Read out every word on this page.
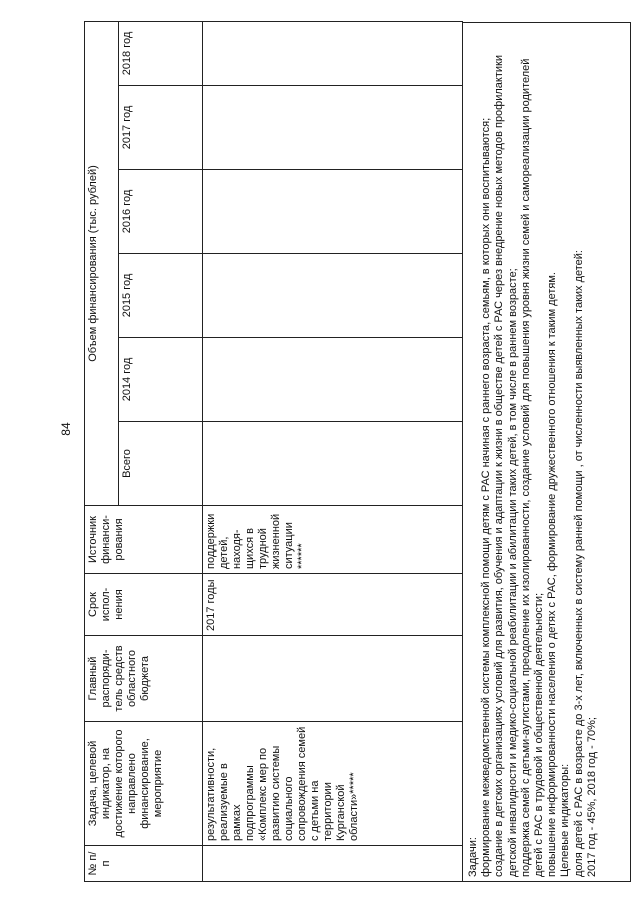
84
№ п/п	Задача, целевой индикатор, на достижение которого направлено финансирование, мероприятие	Главный распоряди-тель средств областного бюджета	Срок испол-нения	Источник финанси-рования	Объем финансирования (тыс. рублей)					
					Всего	2014 год	2015 год	2016 год	2017 год	2018 год
	результативности, реализуемые в рамках подпрограммы «Комплекс мер по развитию системы социального сопровождения семей с детьми на территории Курганской области»*****		2017 годы	поддержки детей, находя-щихся в трудной жизненной ситуации ******						

Задачи: формирование межведомственной системы комплексной помощи детям с РАС начиная с раннего возраста, семьям, в которых они воспитываются; создание в детских организациях условий для развития, обучения и адаптации к жизни в обществе детей с РАС через внедрение новых методов профилактики детской инвалидности и медико-социальной реабилитации и абилитации таких детей, в том числе в раннем возрасте; поддержка семей с детьми-аутистами, преодоление их изолированности, создание условий для повышения уровня жизни семей и самореализации родителей детей с РАС в трудовой и общественной деятельности; повышение информированности населения о детях с РАС, формирование дружественного отношения к таким детям. Целевые индикаторы: доля детей с РАС в возрасте до 3-х лет, включенных в систему ранней помощи , от численности выявленных таких детей: 2017 год - 45%, 2018 год - 70%;
